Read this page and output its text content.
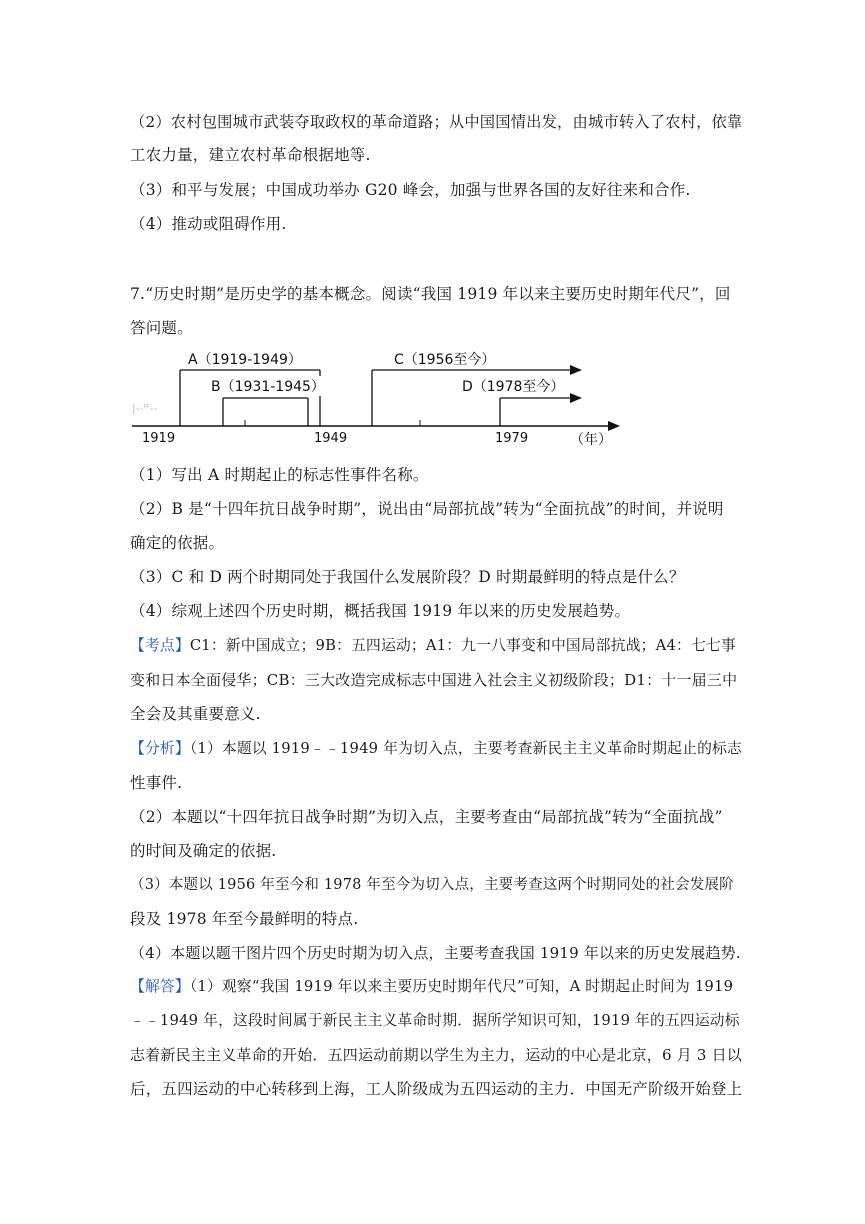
（2）农村包围城市武装夺取政权的革命道路；从中国国情出发，由城市转入了农村，依靠
工农力量，建立农村革命根据地等.
（3）和平与发展；中国成功举办 G20 峰会，加强与世界各国的友好往来和合作.
（4）推动或阻碍作用.
7.“历史时期”是历史学的基本概念。阅读“我国 1919 年以来主要历史时期年代尺”，回
答问题。
A（1919-1949）
B（1931-1945）
|-·ꟸ--
C（1956至今）
D（1978至今）
1919	1949	1979	（年）
（1）写出 A 时期起止的标志性事件名称。
（2）B 是“十四年抗日战争时期”，说出由“局部抗战”转为“全面抗战”的时间，并说明
确定的依据。
（3）C 和 D 两个时期同处于我国什么发展阶段？D 时期最鲜明的特点是什么？
（4）综观上述四个历史时期，概括我国 1919 年以来的历史发展趋势。
【考点】C1：新中国成立；9B：五四运动；A1：九一八事变和中国局部抗战；A4：七七事
变和日本全面侵华；CB：三大改造完成标志中国进入社会主义初级阶段；D1：十一届三中
全会及其重要意义.
【分析】（1）本题以 1919﹣﹣1949 年为切入点，主要考查新民主主义革命时期起止的标志
性事件.
（2）本题以“十四年抗日战争时期”为切入点，主要考查由“局部抗战”转为“全面抗战”
的时间及确定的依据.
（3）本题以 1956 年至今和 1978 年至今为切入点，主要考查这两个时期同处的社会发展阶
段及 1978 年至今最鲜明的特点.
（4）本题以题干图片四个历史时期为切入点，主要考查我国 1919 年以来的历史发展趋势.
【解答】（1）观察“我国 1919 年以来主要历史时期年代尺”可知，A 时期起止时间为 1919
﹣﹣1949 年，这段时间属于新民主主义革命时期．据所学知识可知，1919 年的五四运动标
志着新民主主义革命的开始．五四运动前期以学生为主力，运动的中心是北京，6 月 3 日以
后，五四运动的中心转移到上海，工人阶级成为五四运动的主力．中国无产阶级开始登上
